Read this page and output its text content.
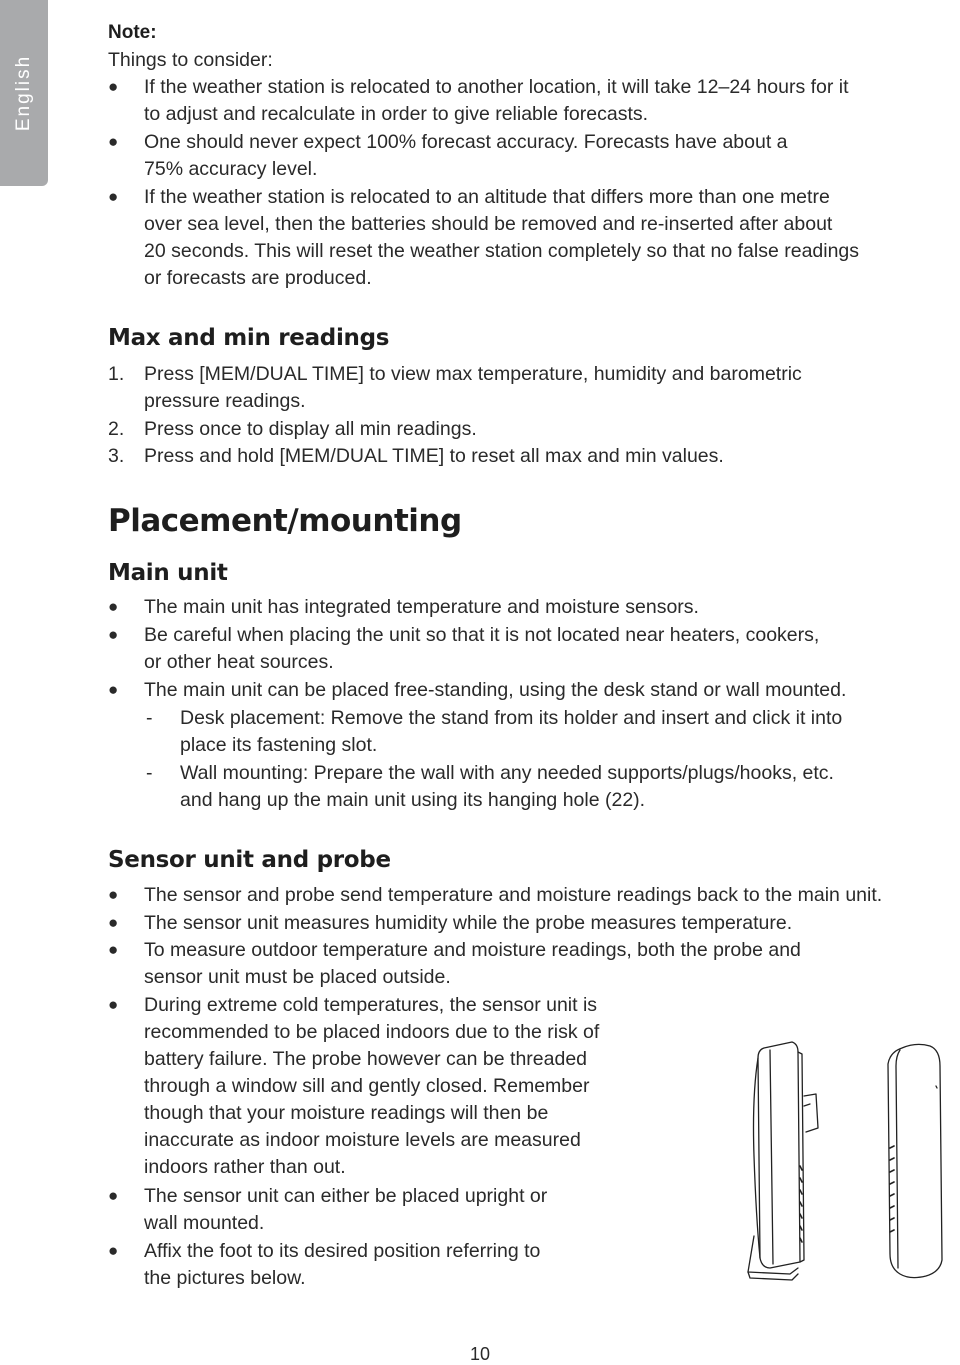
English
Note:
Things to consider:
● If the weather station is relocated to another location, it will take 12–24 hours for it
to adjust and recalculate in order to give reliable forecasts.
● One should never expect 100% forecast accuracy. Forecasts have about a
75% accuracy level.
● If the weather station is relocated to an altitude that differs more than one metre
over sea level, then the batteries should be removed and re-inserted after about
20 seconds. This will reset the weather station completely so that no false readings
or forecasts are produced.
Max and min readings
1. Press [MEM/DUAL TIME] to view max temperature, humidity and barometric
pressure readings.
2. Press once to display all min readings.
3. Press and hold [MEM/DUAL TIME] to reset all max and min values.
Placement/mounting
Main unit
● The main unit has integrated temperature and moisture sensors.
● Be careful when placing the unit so that it is not located near heaters, cookers,
or other heat sources.
● The main unit can be placed free-standing, using the desk stand or wall mounted.
- Desk placement: Remove the stand from its holder and insert and click it into
place its fastening slot.
- Wall mounting: Prepare the wall with any needed supports/plugs/hooks, etc.
and hang up the main unit using its hanging hole (22).
Sensor unit and probe
● The sensor and probe send temperature and moisture readings back to the main unit.
● The sensor unit measures humidity while the probe measures temperature.
● To measure outdoor temperature and moisture readings, both the probe and
sensor unit must be placed outside.
● During extreme cold temperatures, the sensor unit is
recommended to be placed indoors due to the risk of
battery failure. The probe however can be threaded
through a window sill and gently closed. Remember
though that your moisture readings will then be
inaccurate as indoor moisture levels are measured
indoors rather than out.
● The sensor unit can either be placed upright or
wall mounted.
● Affix the foot to its desired position referring to
the pictures below.
10
